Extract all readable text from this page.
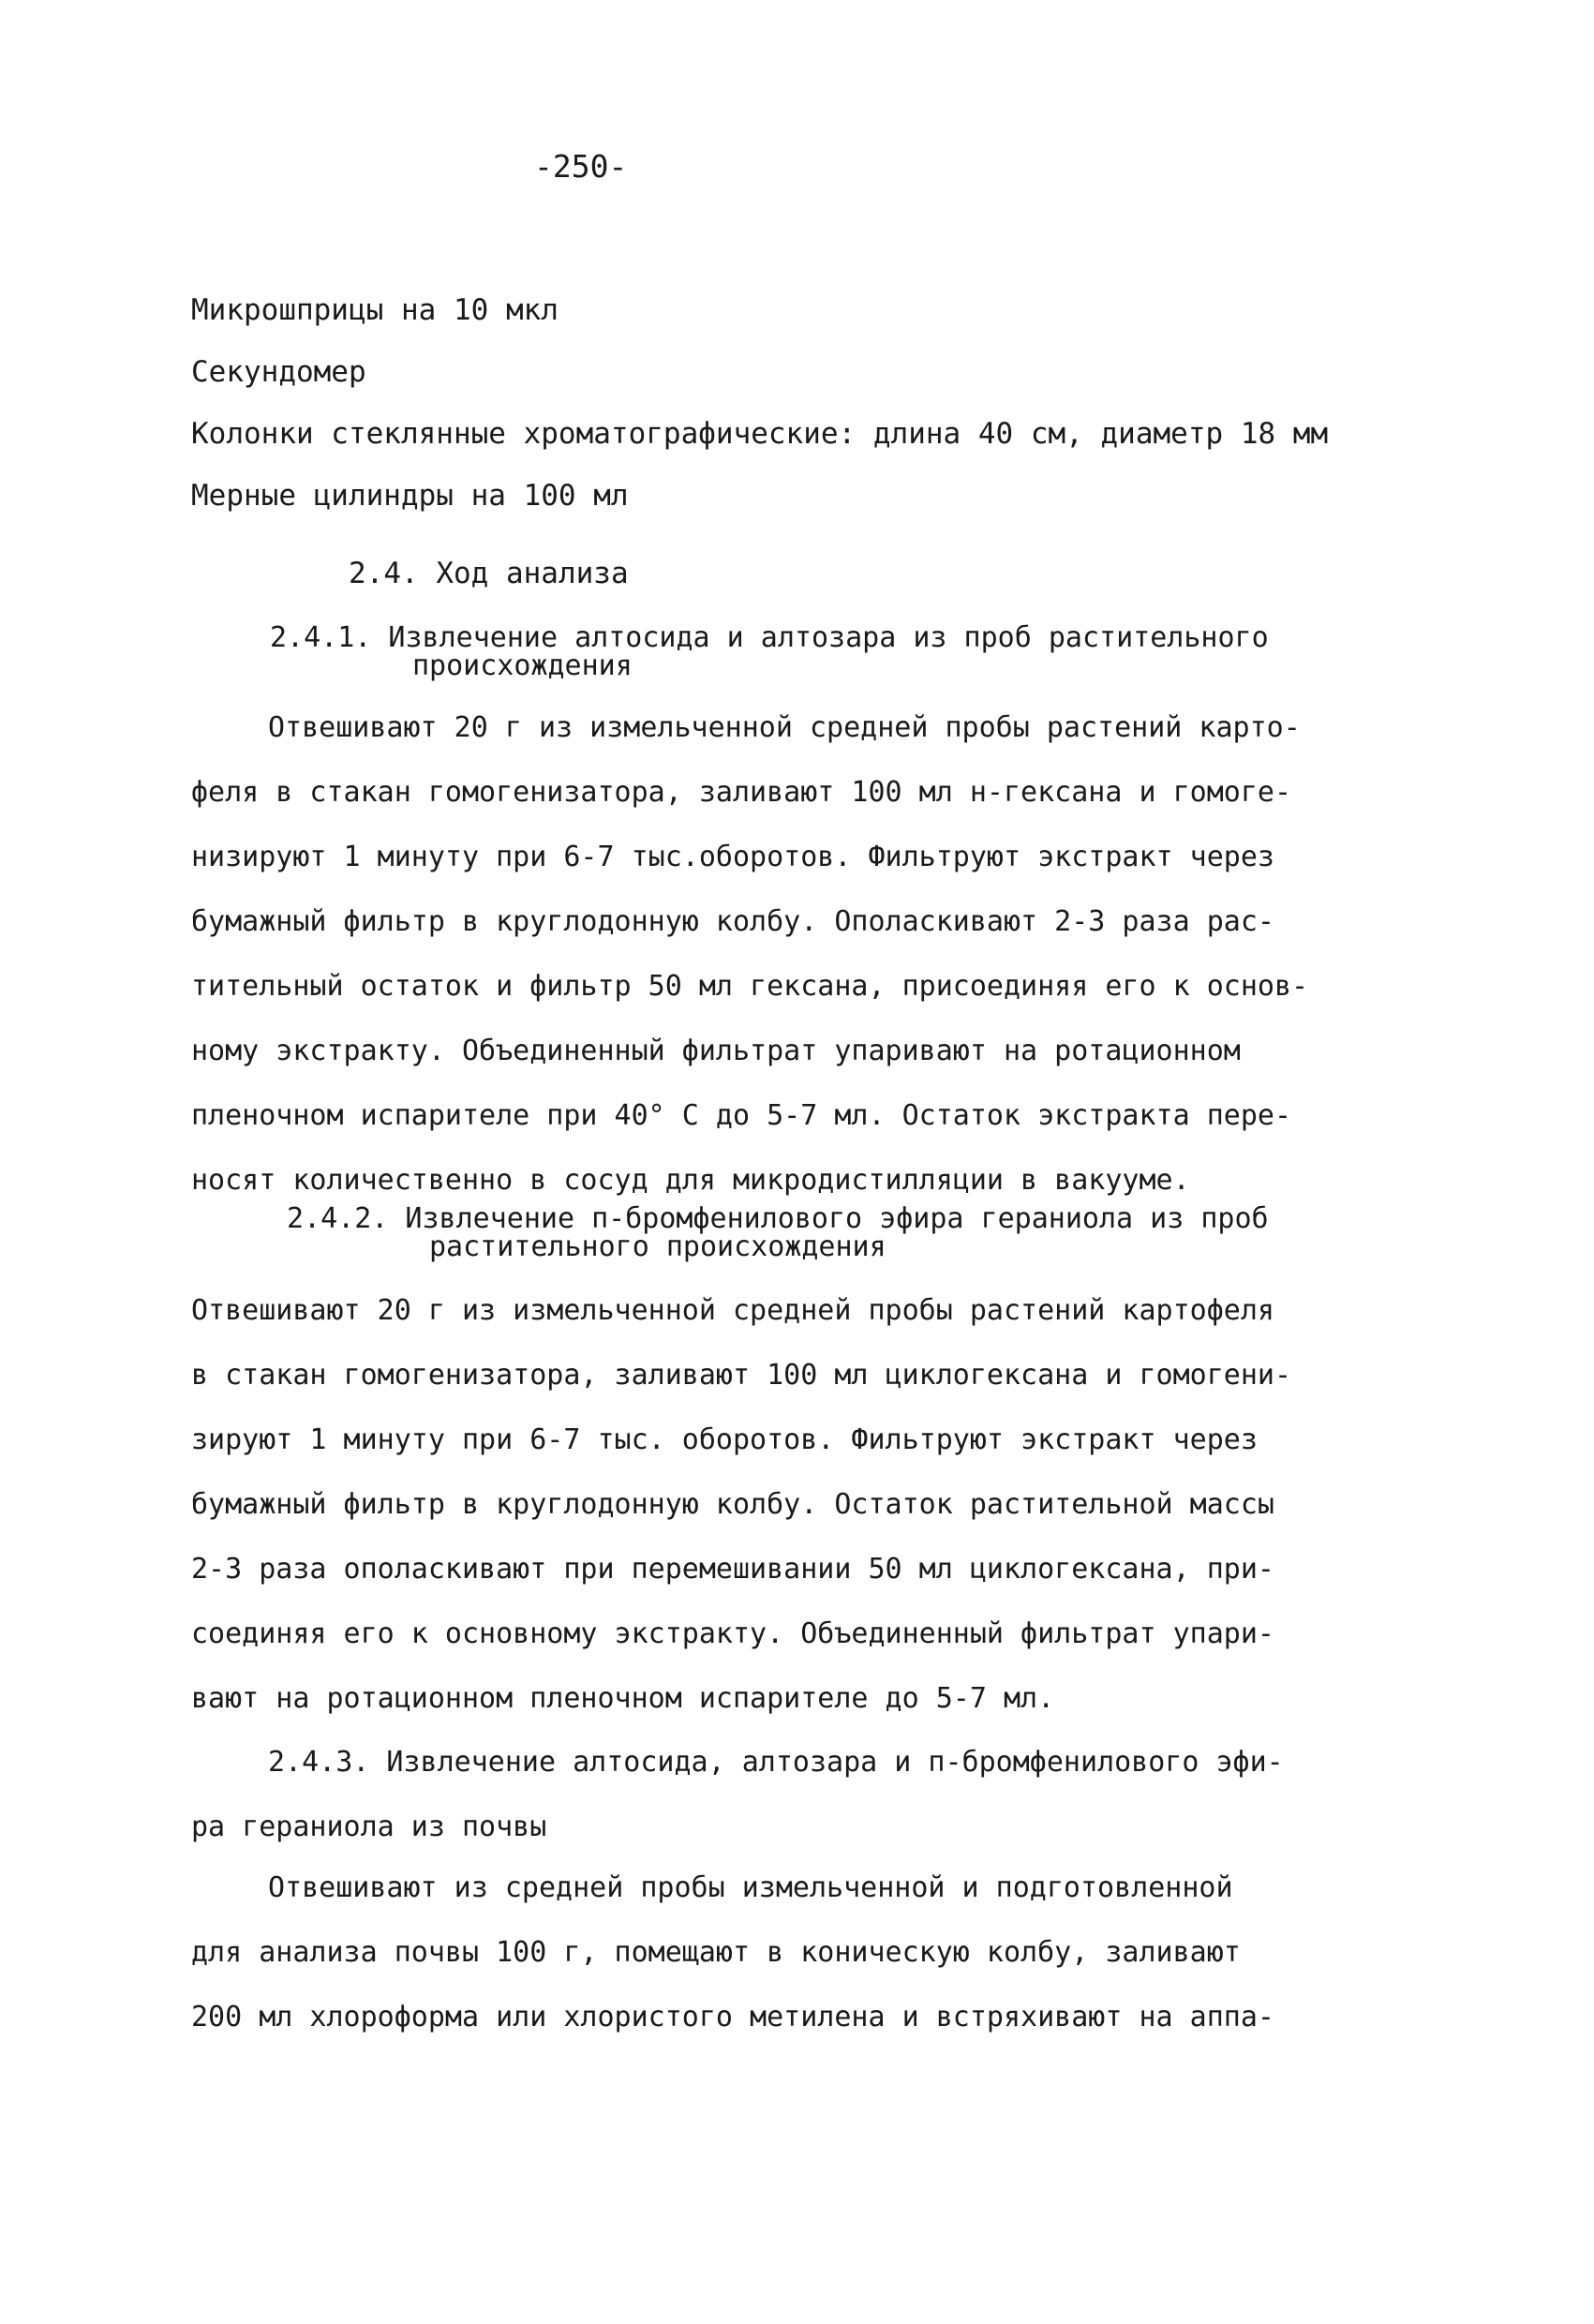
-250-
Микрошприцы на 10 мкл
Секундомер
Колонки стеклянные хроматографические: длина 40 см, диаметр 18 мм
Мерные цилиндры на 100 мл
2.4. Ход анализа
2.4.1. Извлечение алтосида и алтозара из проб растительного
происхождения
Отвешивают 20 г из измельченной средней пробы растений карто-
феля в стакан гомогенизатора, заливают 100 мл н-гексана и гомоге-
низируют 1 минуту при 6-7 тыс.оборотов. Фильтруют экстракт через
бумажный фильтр в круглодонную колбу. Ополаскивают 2-3 раза рас-
тительный остаток и фильтр 50 мл гексана, присоединяя его к основ-
ному экстракту. Объединенный фильтрат упаривают на ротационном
пленочном испарителе при 40° С до 5-7 мл. Остаток экстракта пере-
носят количественно в сосуд для микродистилляции в вакууме.
2.4.2. Извлечение п-бромфенилового эфира гераниола из проб
растительного происхождения
Отвешивают 20 г из измельченной средней пробы растений картофеля
в стакан гомогенизатора, заливают 100 мл циклогексана и гомогени-
зируют 1 минуту при 6-7 тыс. оборотов. Фильтруют экстракт через
бумажный фильтр в круглодонную колбу. Остаток растительной массы
2-3 раза ополаскивают при перемешивании 50 мл циклогексана, при-
соединяя его к основному экстракту. Объединенный фильтрат упари-
вают на ротационном пленочном испарителе до 5-7 мл.
2.4.3. Извлечение алтосида, алтозара и п-бромфенилового эфи-
ра гераниола из почвы
Отвешивают из средней пробы измельченной и подготовленной
для анализа почвы 100 г, помещают в коническую колбу, заливают
200 мл хлороформа или хлористого метилена и встряхивают на аппа-
